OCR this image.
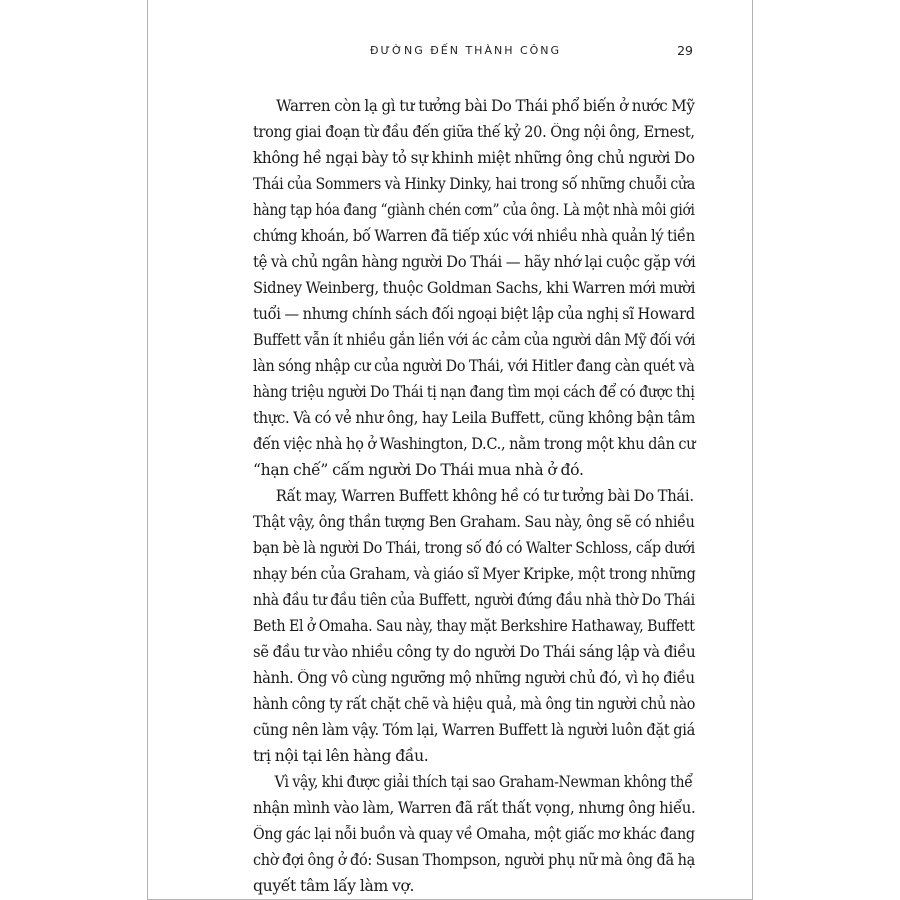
ĐƯỜNG ĐẾN THÀNH CÔNG	29
Warren còn lạ gì tư tưởng bài Do Thái phổ biến ở nước Mỹ
trong giai đoạn từ đầu đến giữa thế kỷ 20. Ông nội ông, Ernest,
không hề ngại bày tỏ sự khinh miệt những ông chủ người Do
Thái của Sommers và Hinky Dinky, hai trong số những chuỗi cửa
hàng tạp hóa đang “giành chén cơm” của ông. Là một nhà môi giới
chứng khoán, bố Warren đã tiếp xúc với nhiều nhà quản lý tiền
tệ và chủ ngân hàng người Do Thái — hãy nhớ lại cuộc gặp với
Sidney Weinberg, thuộc Goldman Sachs, khi Warren mới mười
tuổi — nhưng chính sách đối ngoại biệt lập của nghị sĩ Howard
Buffett vẫn ít nhiều gắn liền với ác cảm của người dân Mỹ đối với
làn sóng nhập cư của người Do Thái, với Hitler đang càn quét và
hàng triệu người Do Thái tị nạn đang tìm mọi cách để có được thị
thực. Và có vẻ như ông, hay Leila Buffett, cũng không bận tâm
đến việc nhà họ ở Washington, D.C., nằm trong một khu dân cư
“hạn chế” cấm người Do Thái mua nhà ở đó.
Rất may, Warren Buffett không hề có tư tưởng bài Do Thái.
Thật vậy, ông thần tượng Ben Graham. Sau này, ông sẽ có nhiều
bạn bè là người Do Thái, trong số đó có Walter Schloss, cấp dưới
nhạy bén của Graham, và giáo sĩ Myer Kripke, một trong những
nhà đầu tư đầu tiên của Buffett, người đứng đầu nhà thờ Do Thái
Beth El ở Omaha. Sau này, thay mặt Berkshire Hathaway, Buffett
sẽ đầu tư vào nhiều công ty do người Do Thái sáng lập và điều
hành. Ông vô cùng ngưỡng mộ những người chủ đó, vì họ điều
hành công ty rất chặt chẽ và hiệu quả, mà ông tin người chủ nào
cũng nên làm vậy. Tóm lại, Warren Buffett là người luôn đặt giá
trị nội tại lên hàng đầu.
Vì vậy, khi được giải thích tại sao Graham-Newman không thể
nhận mình vào làm, Warren đã rất thất vọng, nhưng ông hiểu.
Ông gác lại nỗi buồn và quay về Omaha, một giấc mơ khác đang
chờ đợi ông ở đó: Susan Thompson, người phụ nữ mà ông đã hạ
quyết tâm lấy làm vợ.
